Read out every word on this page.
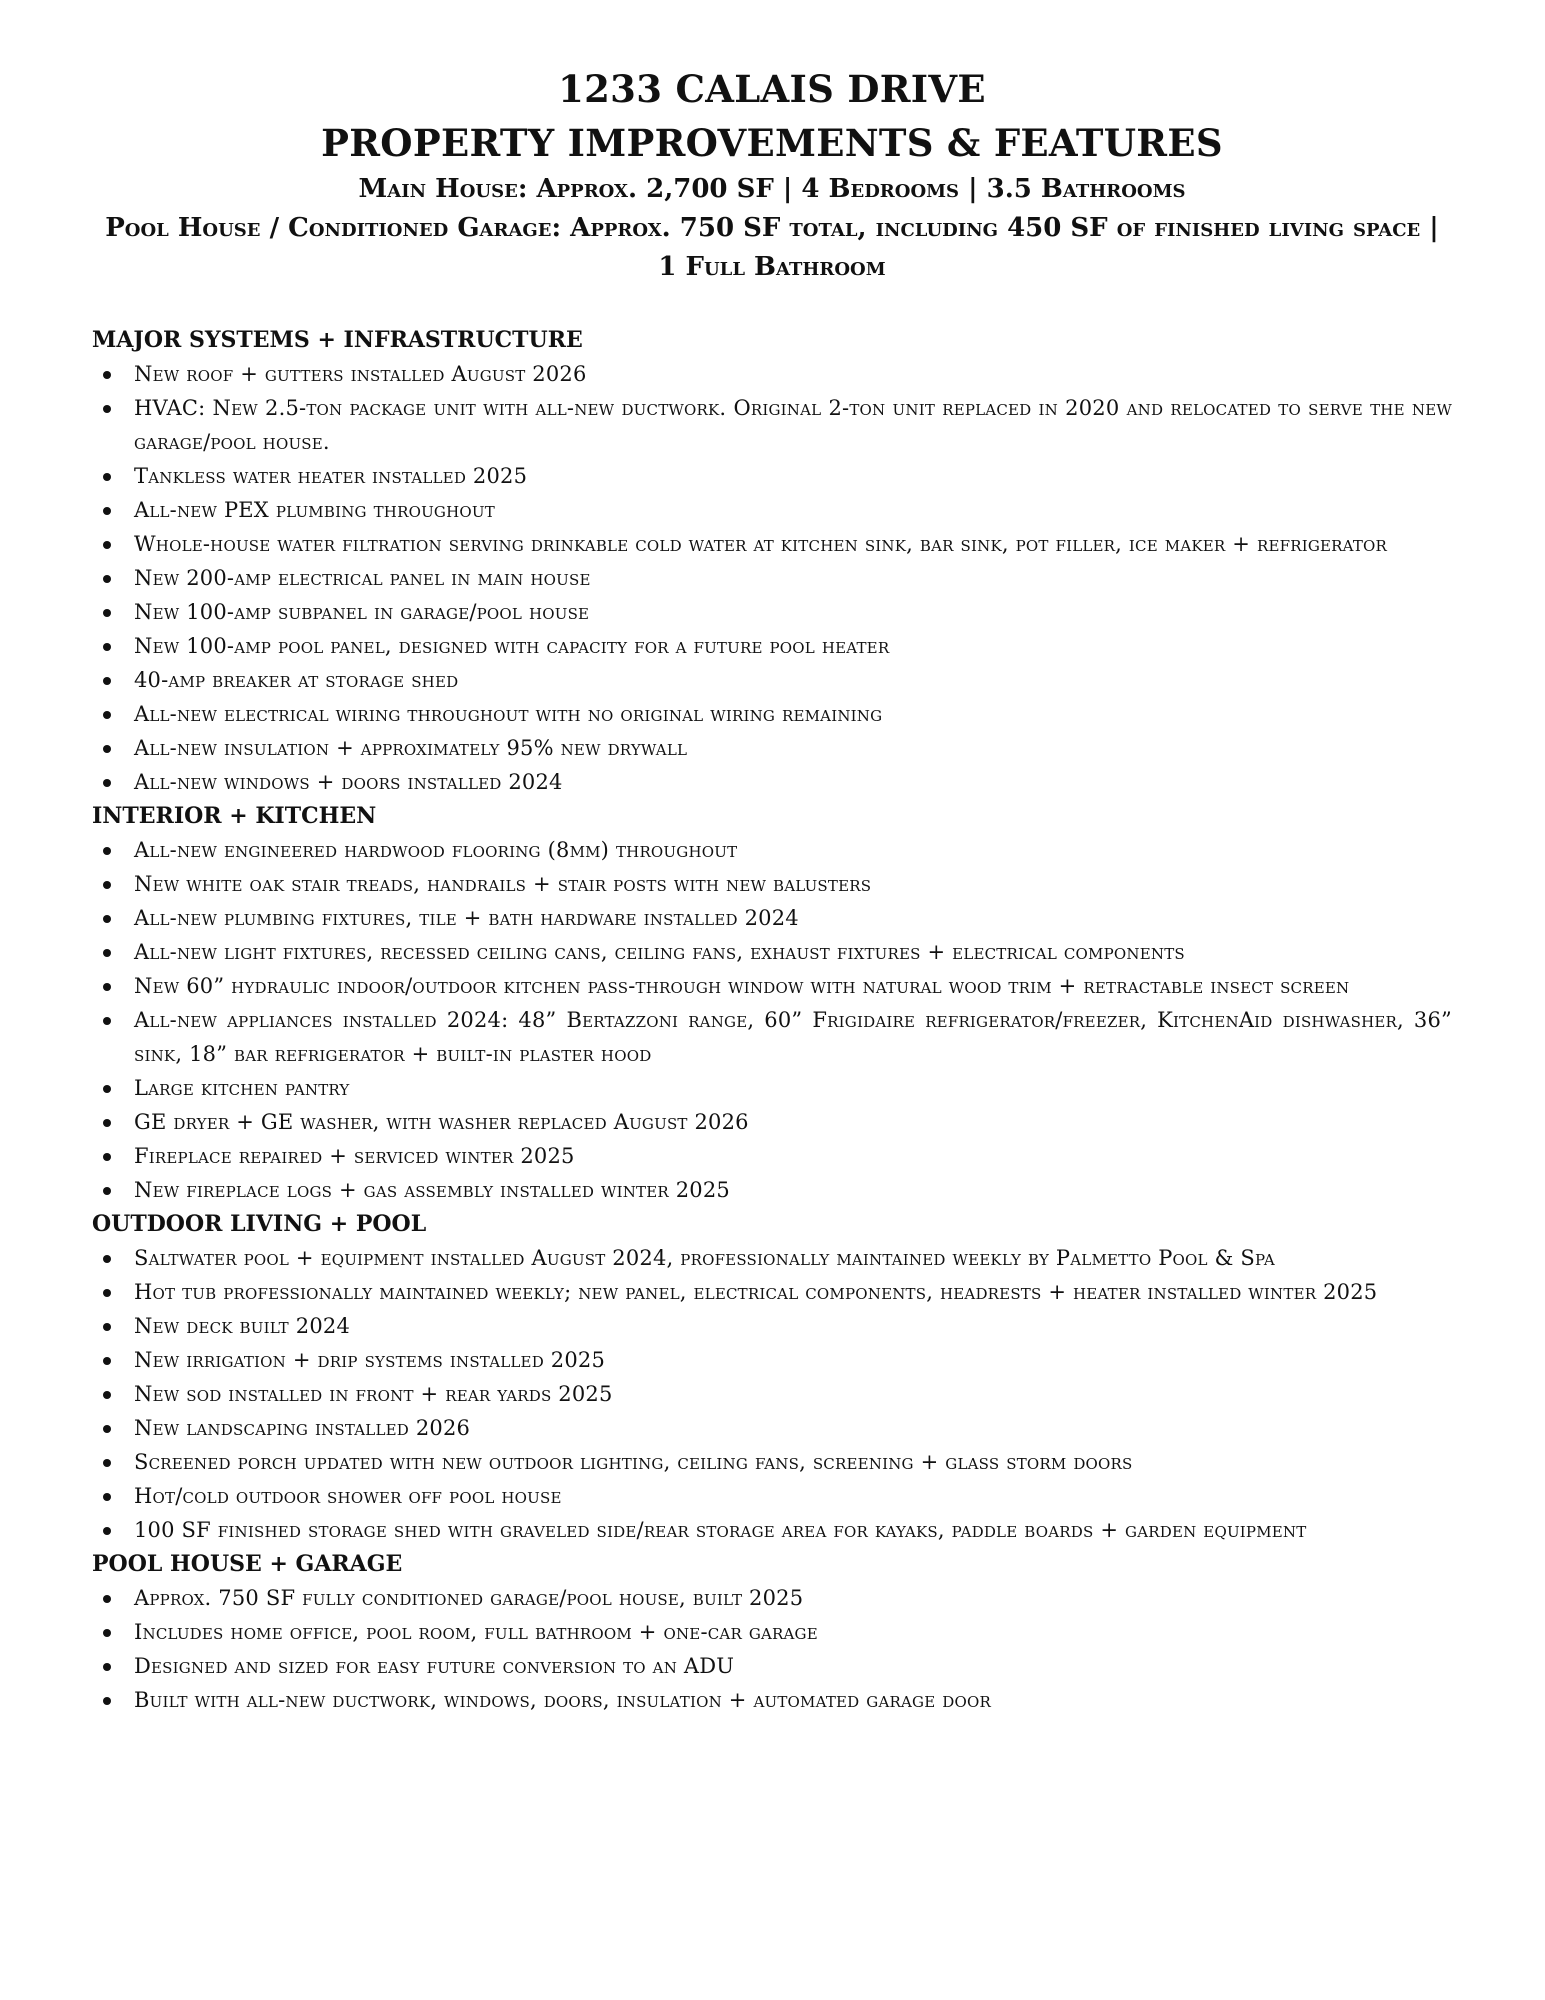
1233 CALAIS DRIVE
PROPERTY IMPROVEMENTS & FEATURES

Main House: Approx. 2,700 SF | 4 Bedrooms | 3.5 Bathrooms

Pool House / Conditioned Garage: Approx. 750 SF total, including 450 SF of finished living space | 1 Full Bathroom

MAJOR SYSTEMS + INFRASTRUCTURE
New roof + gutters installed August 2026
HVAC: New 2.5-ton package unit with all-new ductwork. Original 2-ton unit replaced in 2020 and relocated to serve the new garage/pool house.
Tankless water heater installed 2025
All-new PEX plumbing throughout
Whole-house water filtration serving drinkable cold water at kitchen sink, bar sink, pot filler, ice maker + refrigerator
New 200-amp electrical panel in main house
New 100-amp subpanel in garage/pool house
New 100-amp pool panel, designed with capacity for a future pool heater
40-amp breaker at storage shed
All-new electrical wiring throughout with no original wiring remaining
All-new insulation + approximately 95% new drywall
All-new windows + doors installed 2024
INTERIOR + KITCHEN
All-new engineered hardwood flooring (8mm) throughout
New white oak stair treads, handrails + stair posts with new balusters
All-new plumbing fixtures, tile + bath hardware installed 2024
All-new light fixtures, recessed ceiling cans, ceiling fans, exhaust fixtures + electrical components
New 60” hydraulic indoor/outdoor kitchen pass-through window with natural wood trim + retractable insect screen
All-new appliances installed 2024: 48” Bertazzoni range, 60” Frigidaire refrigerator/freezer, KitchenAid dishwasher, 36” sink, 18” bar refrigerator + built-in plaster hood
Large kitchen pantry
GE dryer + GE washer, with washer replaced August 2026
Fireplace repaired + serviced winter 2025
New fireplace logs + gas assembly installed winter 2025
OUTDOOR LIVING + POOL
Saltwater pool + equipment installed August 2024, professionally maintained weekly by Palmetto Pool & Spa
Hot tub professionally maintained weekly; new panel, electrical components, headrests + heater installed winter 2025
New deck built 2024
New irrigation + drip systems installed 2025
New sod installed in front + rear yards 2025
New landscaping installed 2026
Screened porch updated with new outdoor lighting, ceiling fans, screening + glass storm doors
Hot/cold outdoor shower off pool house
100 SF finished storage shed with graveled side/rear storage area for kayaks, paddle boards + garden equipment
POOL HOUSE + GARAGE
Approx. 750 SF fully conditioned garage/pool house, built 2025
Includes home office, pool room, full bathroom + one-car garage
Designed and sized for easy future conversion to an ADU
Built with all-new ductwork, windows, doors, insulation + automated garage door
